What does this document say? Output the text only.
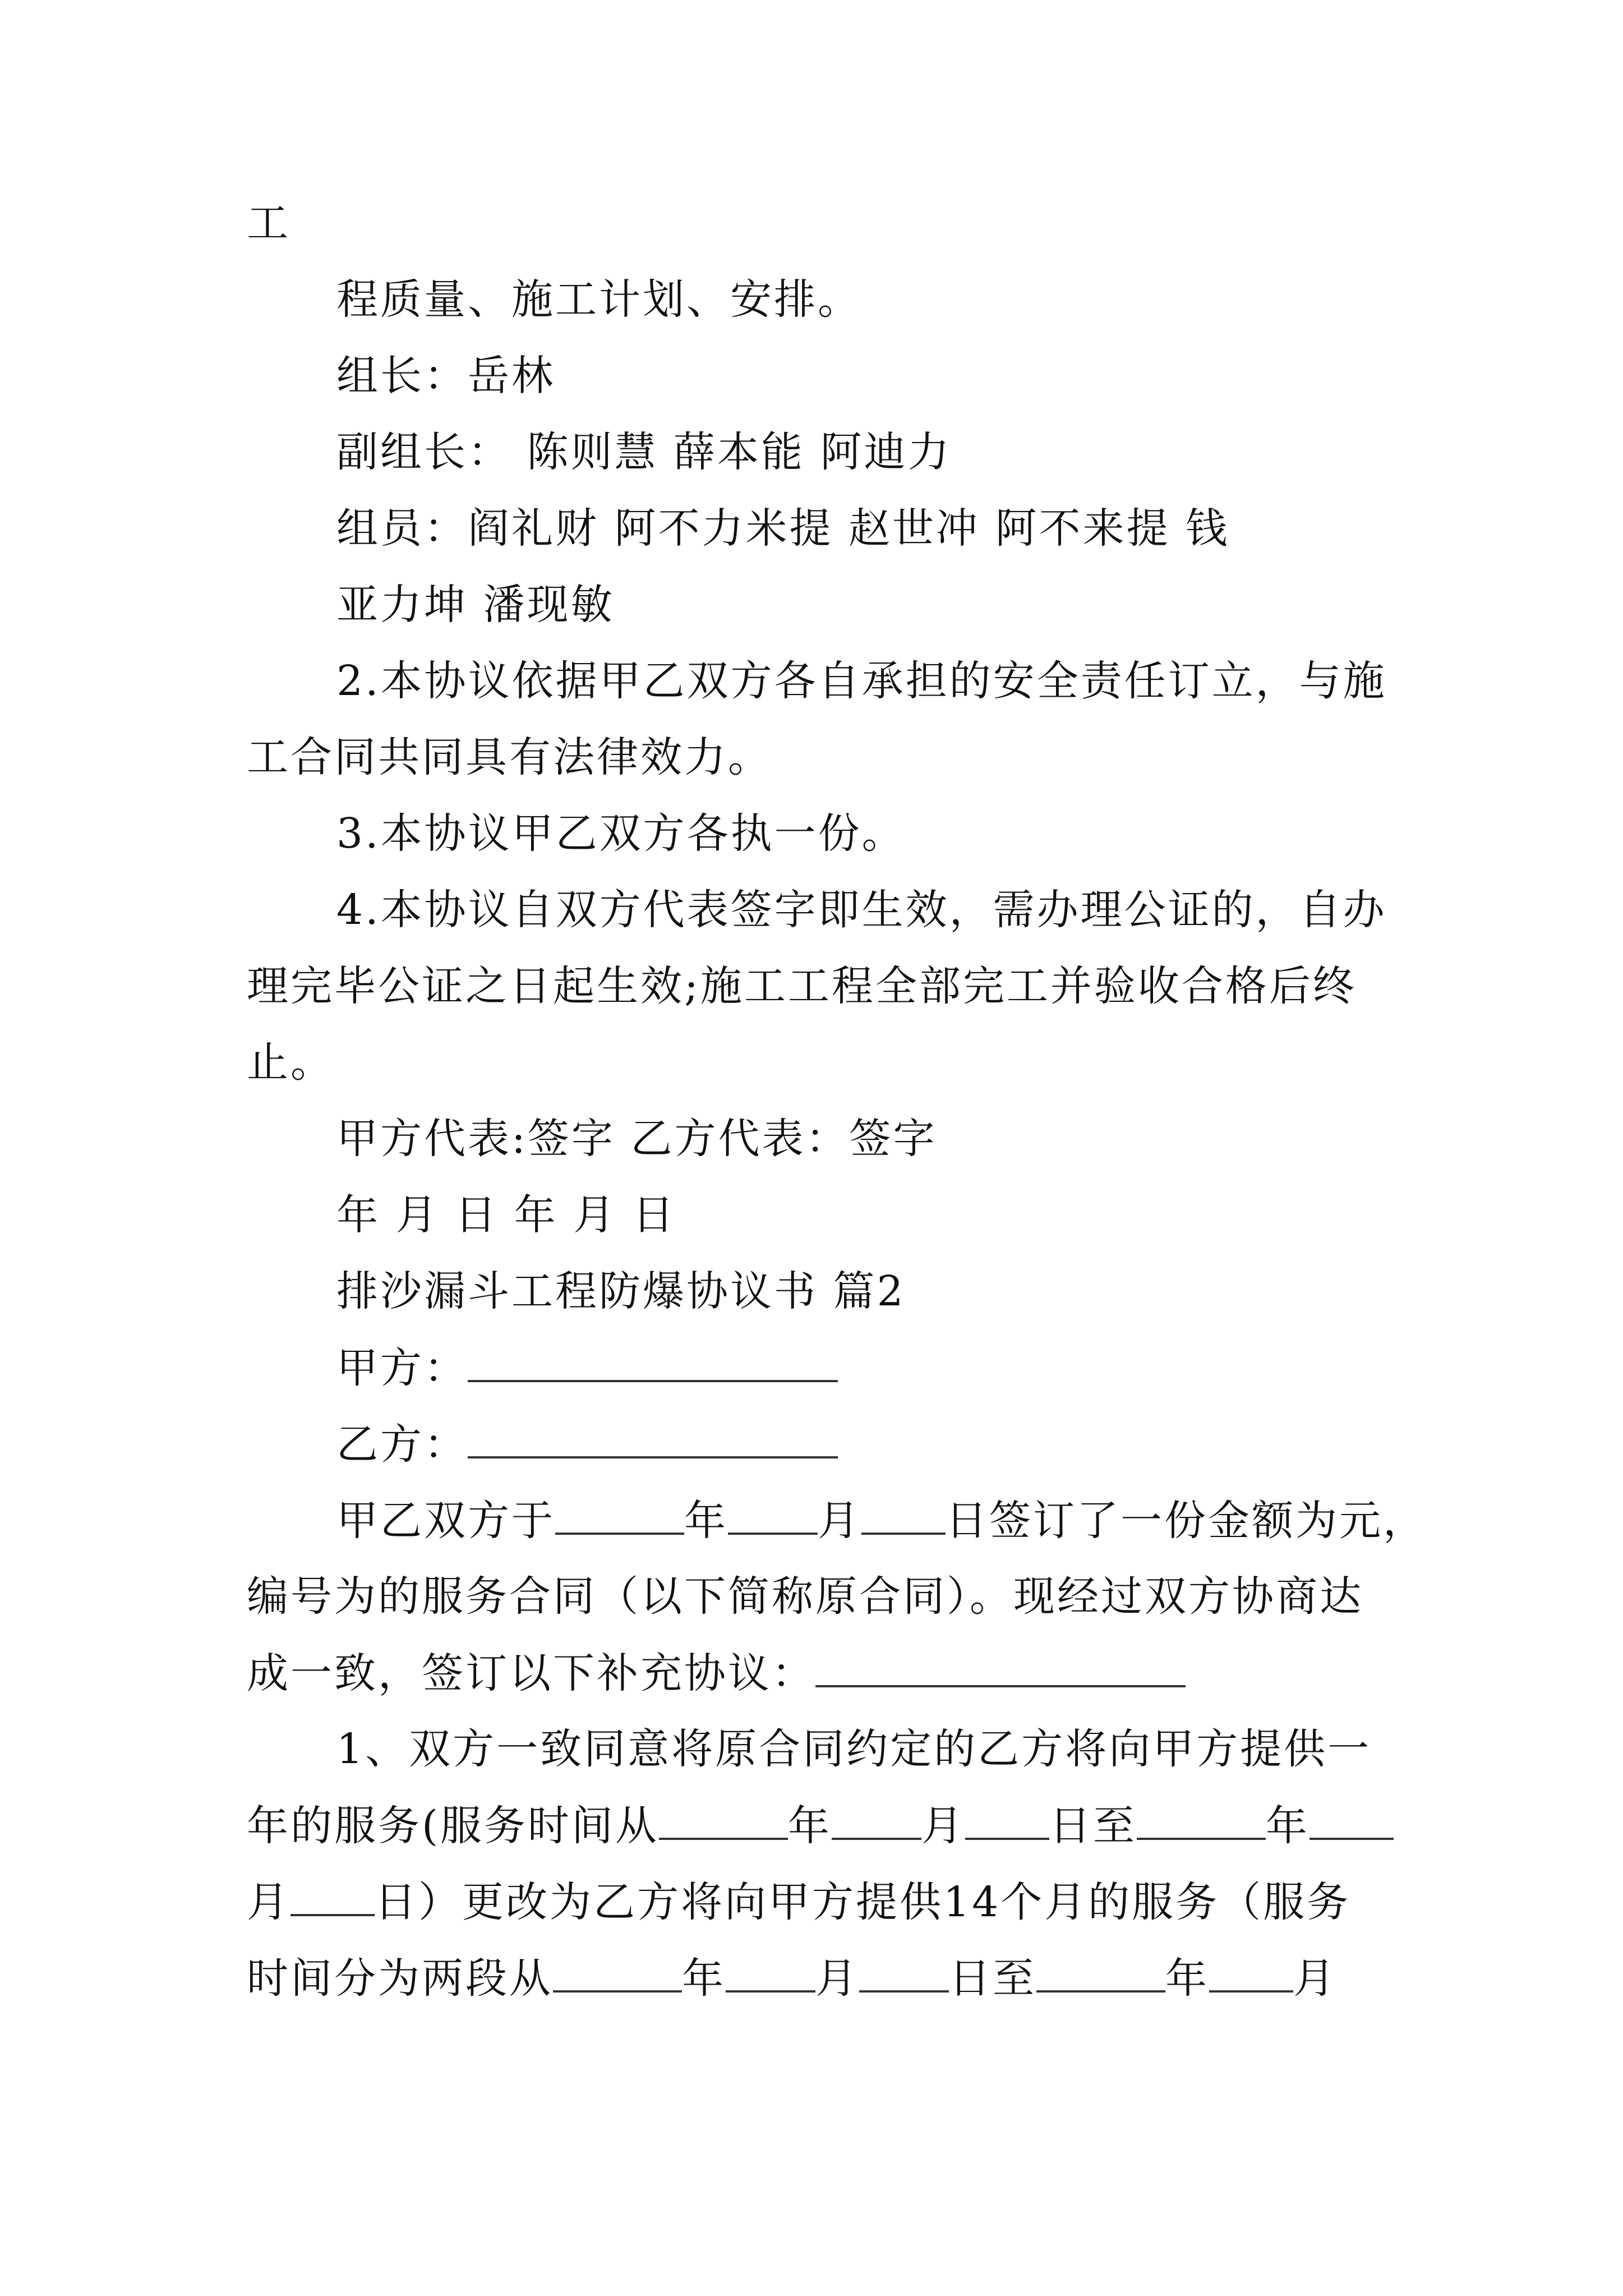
工
程质量、施工计划、安排。
组长：岳林
副组长： 陈则慧 薛本能 阿迪力
组员：阎礼财 阿不力米提 赵世冲 阿不来提 钱
亚力坤 潘现敏
2.本协议依据甲乙双方各自承担的安全责任订立，与施
工合同共同具有法律效力。
3.本协议甲乙双方各执一份。
4.本协议自双方代表签字即生效，需办理公证的，自办
理完毕公证之日起生效;施工工程全部完工并验收合格后终
止。
甲方代表:签字 乙方代表：签字
年 月 日 年 月 日
排沙漏斗工程防爆协议书 篇2
甲方：
乙方：
甲乙双方于	年 月 日签订了一份金额为元，
编号为的服务合同（以下简称原合同）。现经过双方协商达
成一致，签订以下补充协议：
1、双方一致同意将原合同约定的乙方将向甲方提供一
年的服务(服务时间从	年 月 日至	年
月 日）更改为乙方将向甲方提供14个月的服务（服务
时间分为两段从	年 月 日至	年 月
